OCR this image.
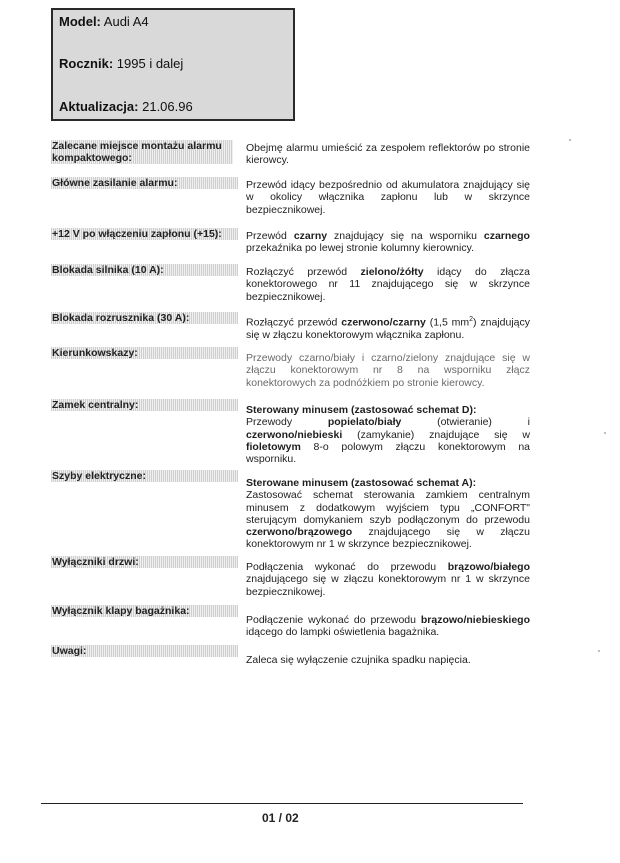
Model: Audi A4
Rocznik: 1995 i dalej
Aktualizacja: 21.06.96
Zalecane miejsce montażu alarmu kompaktowego:
Obejmę alarmu umieścić za zespołem reflektorów po stronie kierowcy.
Główne zasilanie alarmu:	Przewód idący bezpośrednio od akumulatora znajdujący się w okolicy włącznika zapłonu lub w skrzynce bezpiecznikowej.
+12 V po włączeniu zapłonu (+15):	Przewód czarny znajdujący się na wsporniku czarnego przekaźnika po lewej stronie kolumny kierownicy.
Blokada silnika (10 A):	Rozłączyć przewód zielono/żółty idący do złącza konektorowego nr 11 znajdującego się w skrzynce bezpiecznikowej.
Blokada rozrusznika (30 A):	Rozłączyć przewód czerwono/czarny (1,5 $mm^2$) znajdujący się w złączu konektorowym włącznika zapłonu.
Kierunkowskazy:	Przewody czarno/biały i czarno/zielony znajdujące się w złączu konektorowym nr 8 na wsporniku złącz konektorowych za podnóżkiem po stronie kierowcy.
Zamek centralny:	Sterowany minusem (zastosować schemat D):
Przewody popielato/biały (otwieranie) i czerwono/niebieski (zamykanie) znajdujące się w fioletowym 8-o polowym złączu konektorowym na wsporniku.
Szyby elektryczne:
Sterowane minusem (zastosować schemat A):
Zastosować schemat sterowania zamkiem centralnym minusem z dodatkowym wyjściem typu „CONFORT" sterującym domykaniem szyb podłączonym do przewodu czerwono/brązowego znajdującego się w złączu konektorowym nr 1 w skrzynce bezpiecznikowej.
Wyłączniki drzwi:	Podłączenia wykonać do przewodu brązowo/białego znajdującego się w złączu konektorowym nr 1 w skrzynce bezpiecznikowej.
Wyłącznik klapy bagażnika:
Podłączenie wykonać do przewodu brązowo/niebieskiego idącego do lampki oświetlenia bagażnika.
Uwagi:
Zaleca się wyłączenie czujnika spadku napięcia.
01 / 02
